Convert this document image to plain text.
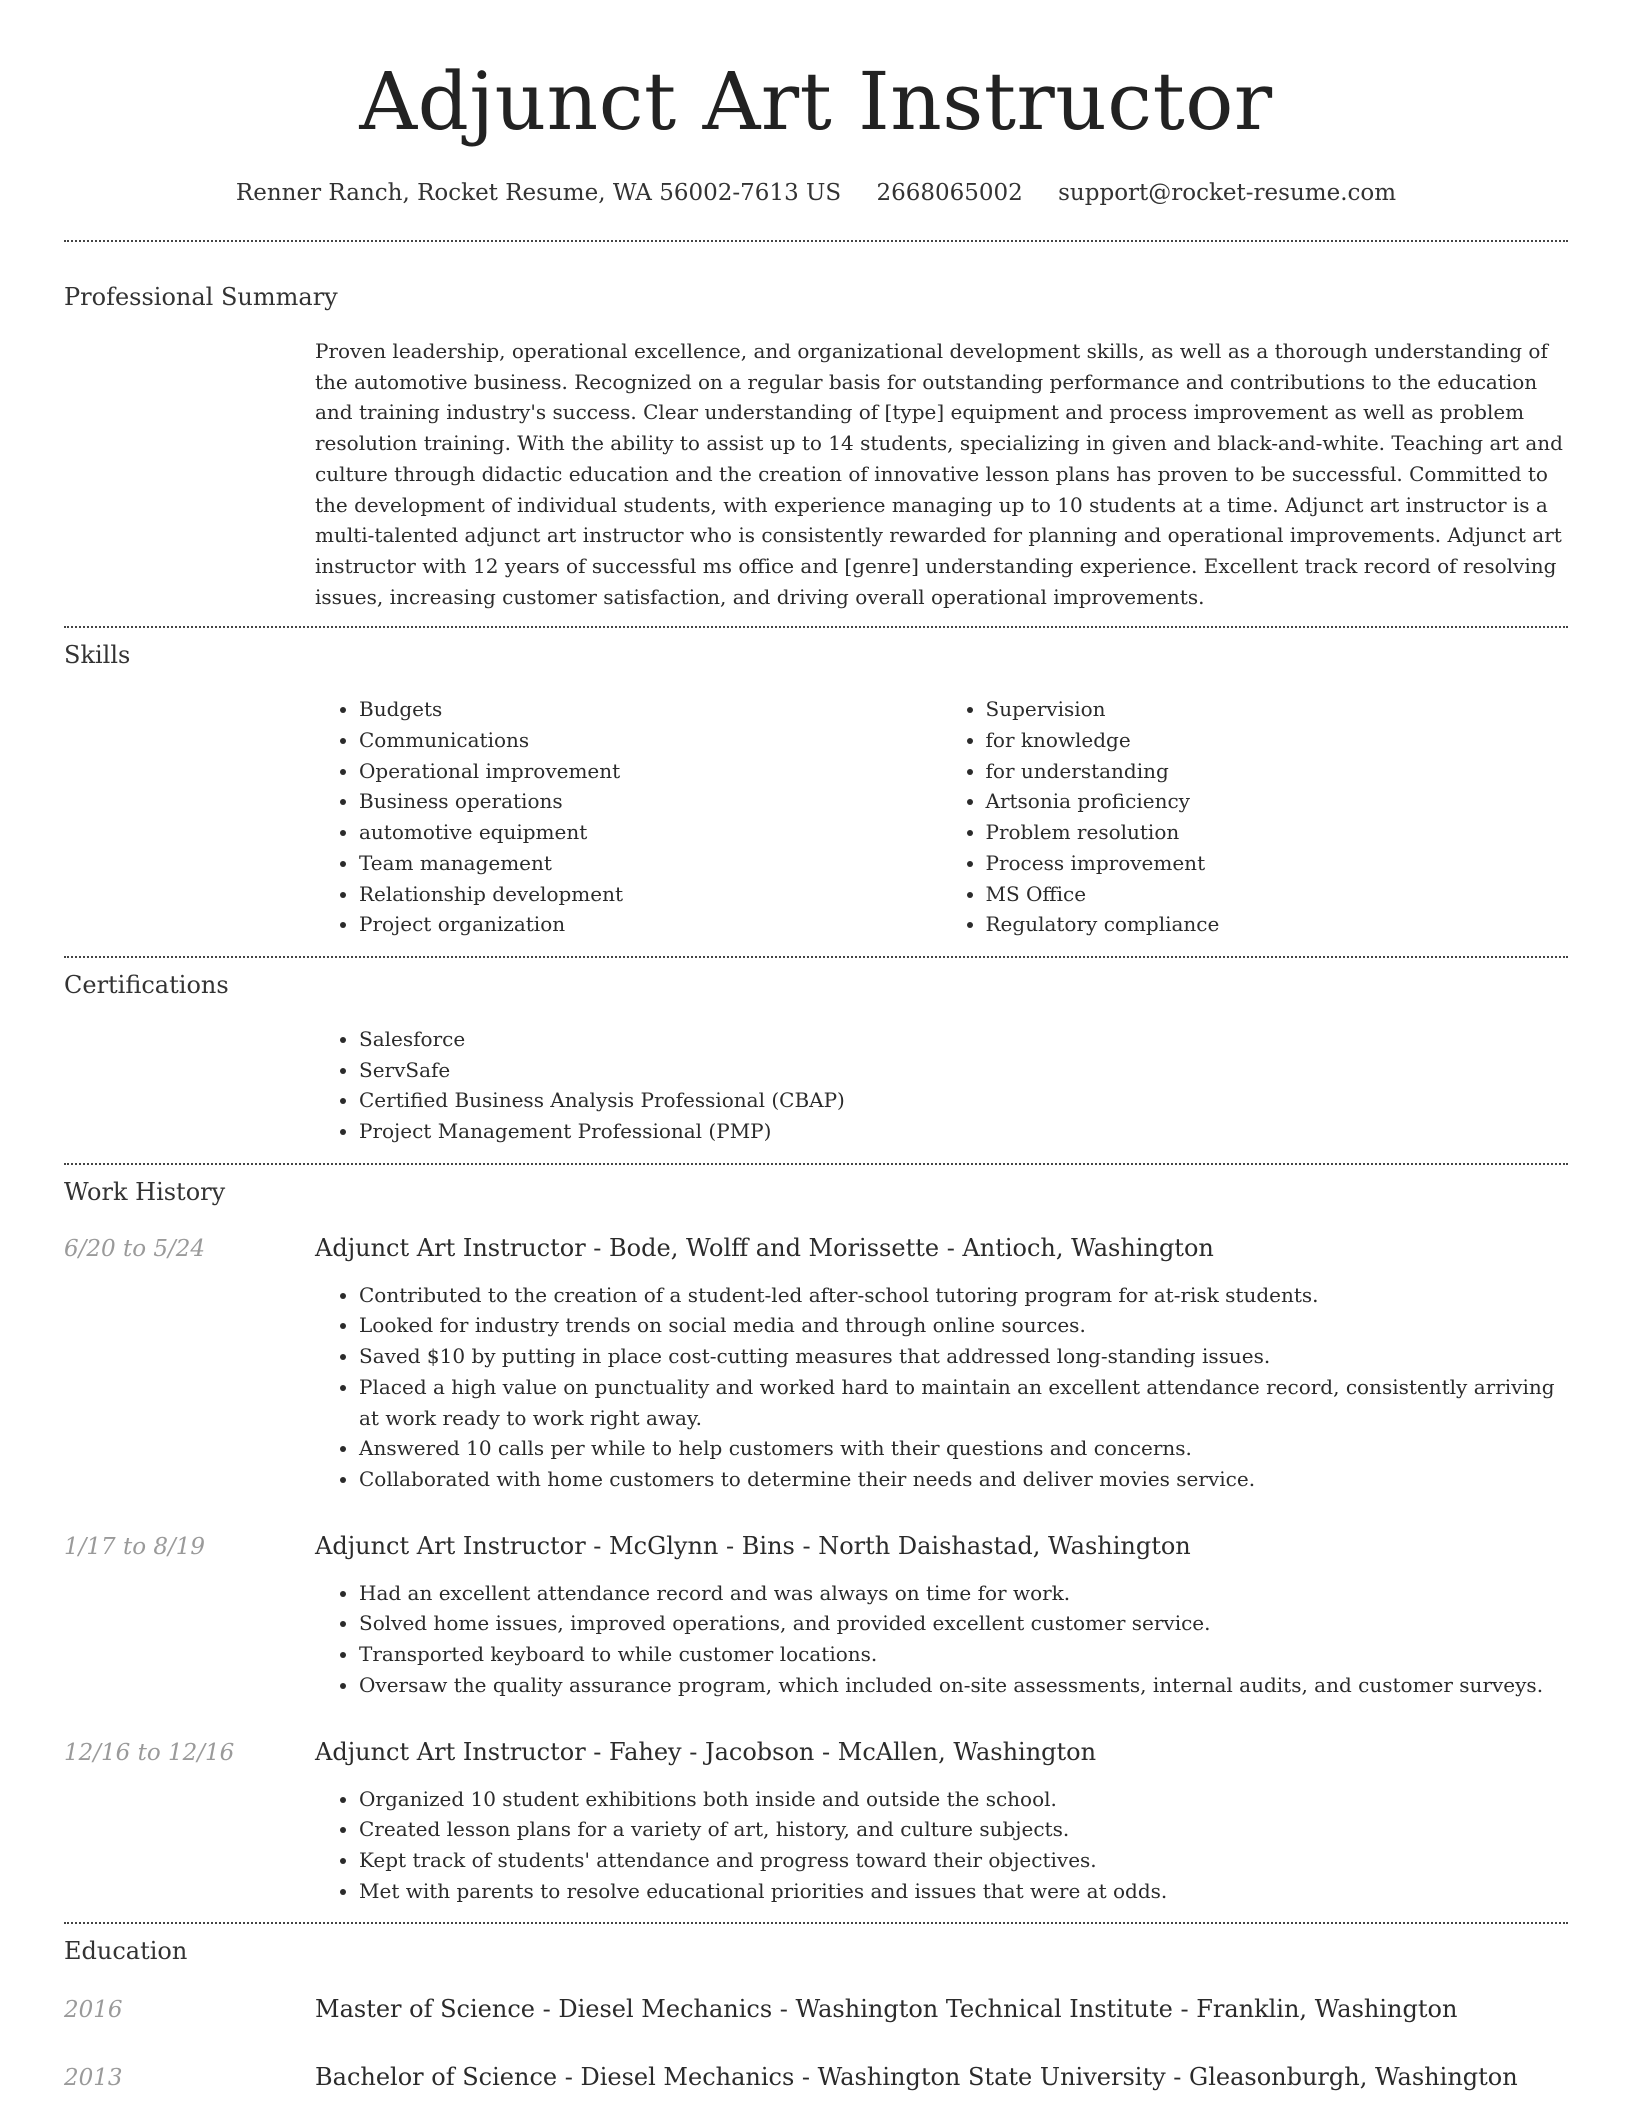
Adjunct Art Instructor
Renner Ranch, Rocket Resume, WA 56002-7613 US 2668065002 support@rocket-resume.com
Professional Summary
Proven leadership, operational excellence, and organizational development skills, as well as a thorough understanding of the automotive business. Recognized on a regular basis for outstanding performance and contributions to the education and training industry's success. Clear understanding of [type] equipment and process improvement as well as problem resolution training. With the ability to assist up to 14 students, specializing in given and black-and-white. Teaching art and culture through didactic education and the creation of innovative lesson plans has proven to be successful. Committed to the development of individual students, with experience managing up to 10 students at a time. Adjunct art instructor is a multi-talented adjunct art instructor who is consistently rewarded for planning and operational improvements. Adjunct art instructor with 12 years of successful ms office and [genre] understanding experience. Excellent track record of resolving issues, increasing customer satisfaction, and driving overall operational improvements.
Skills
• Budgets
• Communications
• Operational improvement
• Business operations
• automotive equipment
• Team management
• Relationship development
• Project organization
• Supervision
• for knowledge
• for understanding
• Artsonia proficiency
• Problem resolution
• Process improvement
• MS Office
• Regulatory compliance
Certifications
• Salesforce
• ServSafe
• Certified Business Analysis Professional (CBAP)
• Project Management Professional (PMP)
Work History
6/20 to 5/24	Adjunct Art Instructor - Bode, Wolff and Morissette - Antioch, Washington
• Contributed to the creation of a student-led after-school tutoring program for at-risk students.
• Looked for industry trends on social media and through online sources.
• Saved $10 by putting in place cost-cutting measures that addressed long-standing issues.
• Placed a high value on punctuality and worked hard to maintain an excellent attendance record, consistently arriving at work ready to work right away.
• Answered 10 calls per while to help customers with their questions and concerns.
• Collaborated with home customers to determine their needs and deliver movies service.
1/17 to 8/19	Adjunct Art Instructor - McGlynn - Bins - North Daishastad, Washington
• Had an excellent attendance record and was always on time for work.
• Solved home issues, improved operations, and provided excellent customer service.
• Transported keyboard to while customer locations.
• Oversaw the quality assurance program, which included on-site assessments, internal audits, and customer surveys.
12/16 to 12/16	Adjunct Art Instructor - Fahey - Jacobson - McAllen, Washington
• Organized 10 student exhibitions both inside and outside the school.
• Created lesson plans for a variety of art, history, and culture subjects.
• Kept track of students' attendance and progress toward their objectives.
• Met with parents to resolve educational priorities and issues that were at odds.
Education
2016	Master of Science - Diesel Mechanics - Washington Technical Institute - Franklin, Washington
2013	Bachelor of Science - Diesel Mechanics - Washington State University - Gleasonburgh, Washington
